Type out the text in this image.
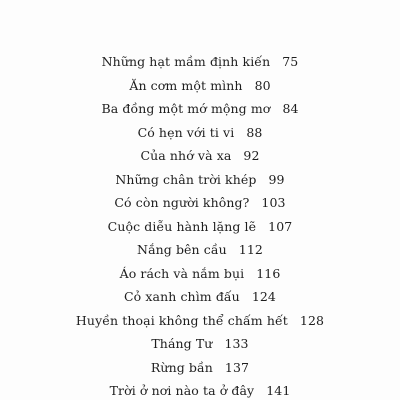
Những hạt mầm định kiến 75
Ăn cơm một mình 80
Ba đồng một mớ mộng mơ 84
Có hẹn với ti vi 88
Của nhớ và xa 92
Những chân trời khép 99
Có còn người không? 103
Cuộc diễu hành lặng lẽ 107
Nắng bên cầu 112
Áo rách và nắm bụi 116
Cỏ xanh chìm đấu 124
Huyền thoại không thể chấm hết 128
Tháng Tư 133
Rừng bần 137
Trời ở nơi nào ta ở đây 141
